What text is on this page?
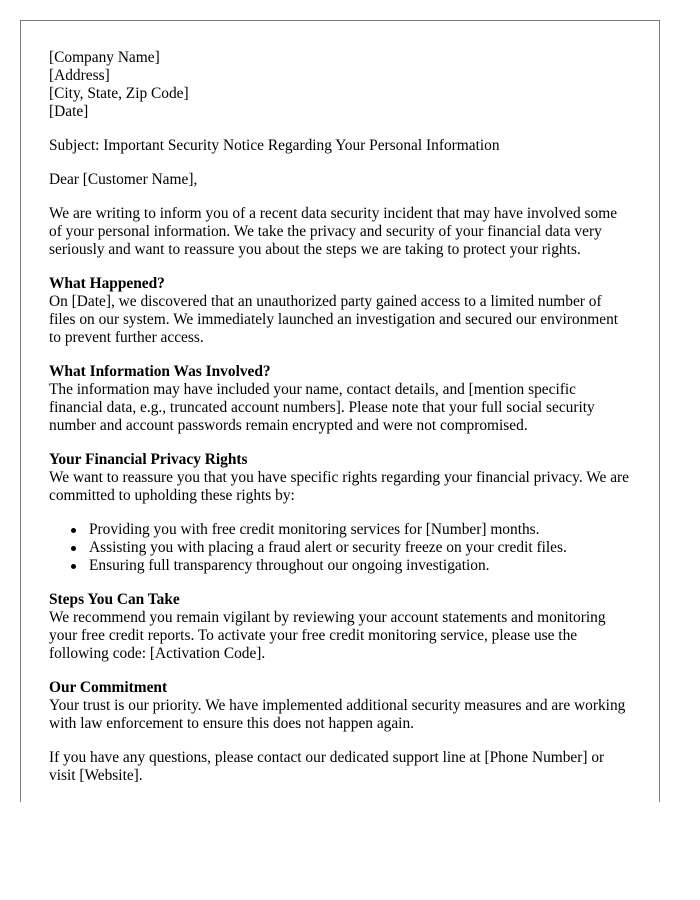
[Company Name]
[Address]
[City, State, Zip Code]
[Date]
Subject: Important Security Notice Regarding Your Personal Information
Dear [Customer Name],
We are writing to inform you of a recent data security incident that may have involved some of your personal information. We take the privacy and security of your financial data very seriously and want to reassure you about the steps we are taking to protect your rights.
What Happened?
On [Date], we discovered that an unauthorized party gained access to a limited number of files on our system. We immediately launched an investigation and secured our environment to prevent further access.
What Information Was Involved?
The information may have included your name, contact details, and [mention specific financial data, e.g., truncated account numbers]. Please note that your full social security number and account passwords remain encrypted and were not compromised.
Your Financial Privacy Rights
We want to reassure you that you have specific rights regarding your financial privacy. We are committed to upholding these rights by:
Providing you with free credit monitoring services for [Number] months.
Assisting you with placing a fraud alert or security freeze on your credit files.
Ensuring full transparency throughout our ongoing investigation.
Steps You Can Take
We recommend you remain vigilant by reviewing your account statements and monitoring your free credit reports. To activate your free credit monitoring service, please use the following code: [Activation Code].
Our Commitment
Your trust is our priority. We have implemented additional security measures and are working with law enforcement to ensure this does not happen again.
If you have any questions, please contact our dedicated support line at [Phone Number] or visit [Website].
